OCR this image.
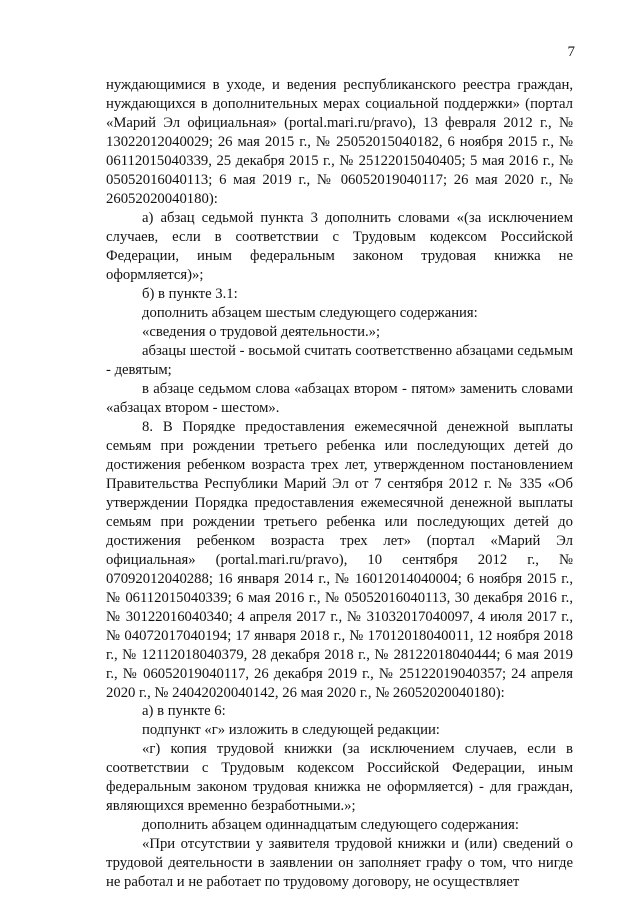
7

нуждающимися в уходе, и ведения республиканского реестра граждан, нуждающихся в дополнительных мерах социальной поддержки» (портал «Марий Эл официальная» (portal.mari.ru/pravo), 13 февраля 2012 г., № 13022012040029; 26 мая 2015 г., № 25052015040182, 6 ноября 2015 г., № 06112015040339, 25 декабря 2015 г., № 25122015040405; 5 мая 2016 г., № 05052016040113; 6 мая 2019 г., № 06052019040117; 26 мая 2020 г., № 26052020040180):

а) абзац седьмой пункта 3 дополнить словами «(за исключением случаев, если в соответствии с Трудовым кодексом Российской Федерации, иным федеральным законом трудовая книжка не оформляется)»;

б) в пункте 3.1:

дополнить абзацем шестым следующего содержания:

«сведения о трудовой деятельности.»;

абзацы шестой - восьмой считать соответственно абзацами седьмым - девятым;

в абзаце седьмом слова «абзацах втором - пятом» заменить словами «абзацах втором - шестом».

8. В Порядке предоставления ежемесячной денежной выплаты семьям при рождении третьего ребенка или последующих детей до достижения ребенком возраста трех лет, утвержденном постановлением Правительства Республики Марий Эл от 7 сентября 2012 г. № 335 «Об утверждении Порядка предоставления ежемесячной денежной выплаты семьям при рождении третьего ребенка или последующих детей до достижения ребенком возраста трех лет» (портал «Марий Эл официальная» (portal.mari.ru/pravo), 10 сентября 2012 г., № 07092012040288; 16 января 2014 г., № 16012014040004; 6 ноября 2015 г., № 06112015040339; 6 мая 2016 г., № 05052016040113, 30 декабря 2016 г., № 30122016040340; 4 апреля 2017 г., № 31032017040097, 4 июля 2017 г., № 04072017040194; 17 января 2018 г., № 17012018040011, 12 ноября 2018 г., № 12112018040379, 28 декабря 2018 г., № 28122018040444; 6 мая 2019 г., № 06052019040117, 26 декабря 2019 г., № 25122019040357; 24 апреля 2020 г., № 24042020040142, 26 мая 2020 г., № 26052020040180):

а) в пункте 6:

подпункт «г» изложить в следующей редакции:

«г) копия трудовой книжки (за исключением случаев, если в соответствии с Трудовым кодексом Российской Федерации, иным федеральным законом трудовая книжка не оформляется) - для граждан, являющихся временно безработными.»;

дополнить абзацем одиннадцатым следующего содержания:

«При отсутствии у заявителя трудовой книжки и (или) сведений о трудовой деятельности в заявлении он заполняет графу о том, что нигде не работал и не работает по трудовому договору, не осуществляет
